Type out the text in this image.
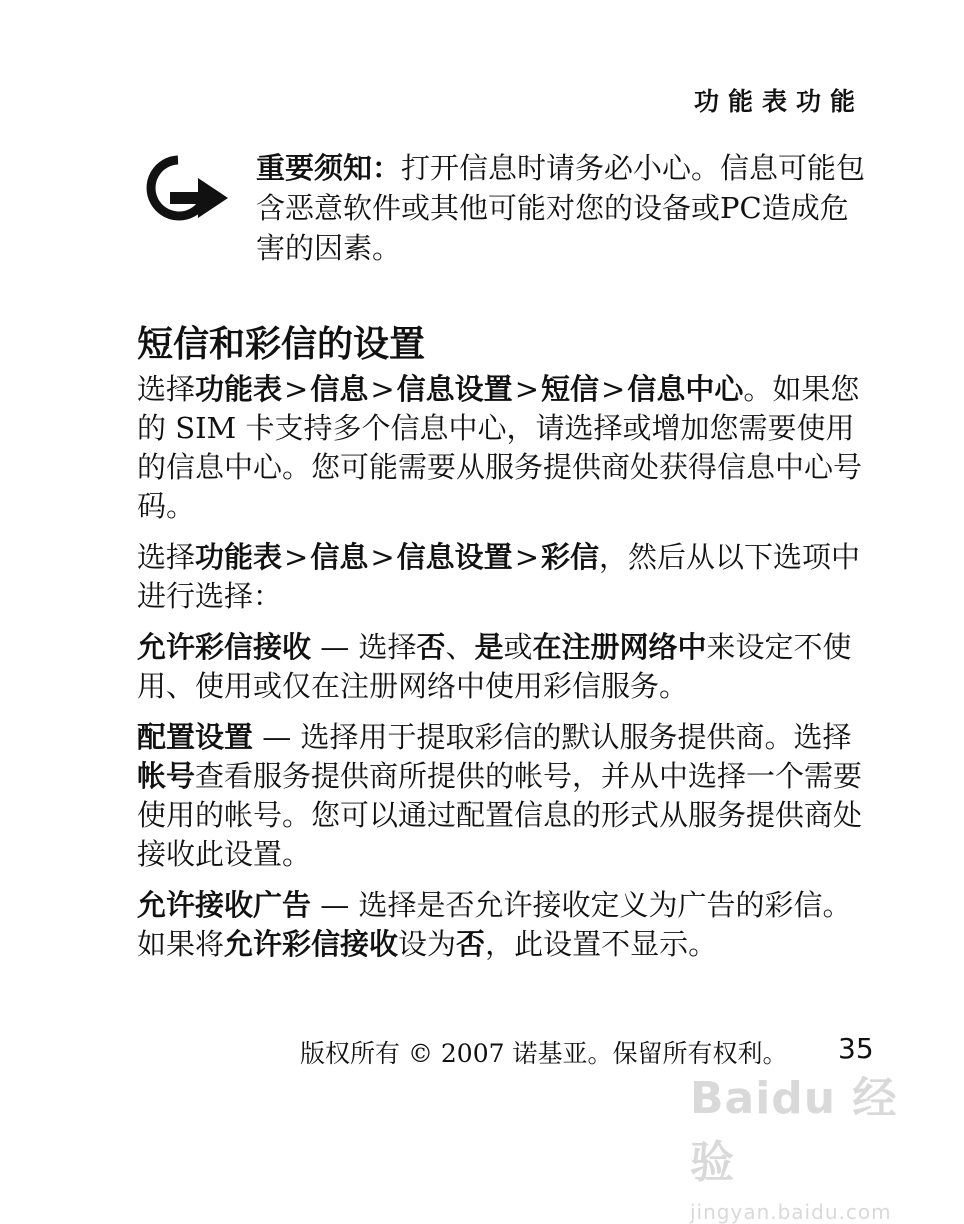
功能表功能
重要须知：打开信息时请务必小心。信息可能包含恶意软件或其他可能对您的设备或PC造成危害的因素。
短信和彩信的设置

选择功能表>信息>信息设置>短信>信息中心。如果您的 SIM 卡支持多个信息中心，请选择或增加您需要使用的信息中心。您可能需要从服务提供商处获得信息中心号码。

选择功能表>信息>信息设置>彩信，然后从以下选项中进行选择：

允许彩信接收 — 选择否、是或在注册网络中来设定不使用、使用或仅在注册网络中使用彩信服务。

配置设置 — 选择用于提取彩信的默认服务提供商。选择帐号查看服务提供商所提供的帐号，并从中选择一个需要使用的帐号。您可以通过配置信息的形式从服务提供商处接收此设置。

允许接收广告 — 选择是否允许接收定义为广告的彩信。如果将允许彩信接收设为否，此设置不显示。

版权所有 © 2007 诺基亚。保留所有权利。 35
Baidu 经验
jingyan.baidu.com
